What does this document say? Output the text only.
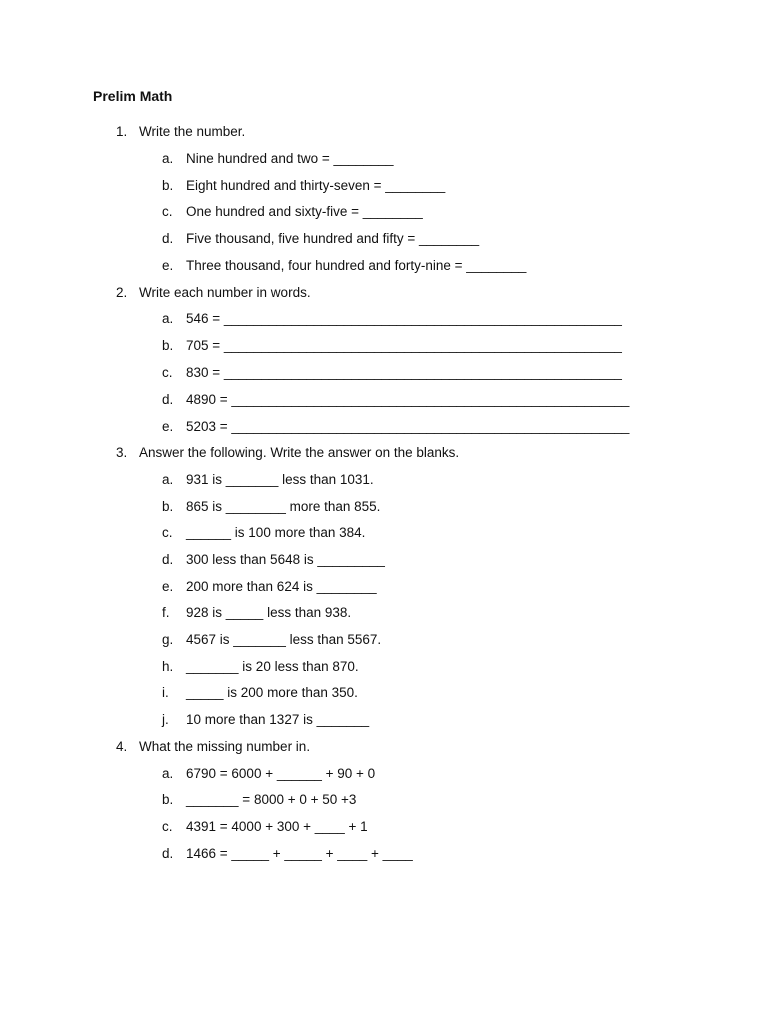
Prelim Math
1. Write the number.
a. Nine hundred and two = ________
b. Eight hundred and thirty-seven = ________
c. One hundred and sixty-five = ________
d. Five thousand, five hundred and fifty = ________
e. Three thousand, four hundred and forty-nine = ________
2. Write each number in words.
a. 546 = _____________________________________________________
b. 705 = _____________________________________________________
c. 830 = _____________________________________________________
d. 4890 = _____________________________________________________
e. 5203 = _____________________________________________________
3. Answer the following. Write the answer on the blanks.
a. 931 is _______ less than 1031.
b. 865 is ________ more than 855.
c. ______ is 100 more than 384.
d. 300 less than 5648 is _________
e. 200 more than 624 is ________
f. 928 is _____ less than 938.
g. 4567 is _______ less than 5567.
h. _______ is 20 less than 870.
i. _____ is 200 more than 350.
j. 10 more than 1327 is _______
4. What the missing number in.
a. 6790 = 6000 + ______ + 90 + 0
b. _______ = 8000 + 0 + 50 +3
c. 4391 = 4000 + 300 + ____ + 1
d. 1466 = _____ + _____ + ____ + ____
